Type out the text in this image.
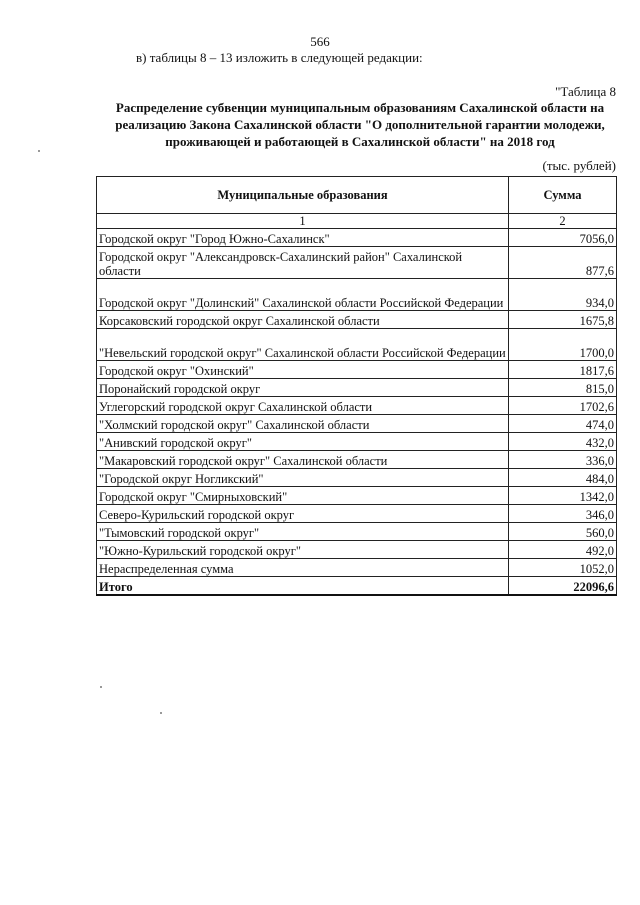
566
в) таблицы 8 – 13 изложить в следующей редакции:
"Таблица 8
Распределение субвенции муниципальным образованиям Сахалинской области на реализацию Закона Сахалинской области "О дополнительной гарантии молодежи, проживающей и работающей в Сахалинской области" на 2018 год
(тыс. рублей)
Муниципальные образования	Сумма
1	2
Городской округ "Город Южно-Сахалинск"	7056,0
Городской округ "Александровск-Сахалинский район" Сахалинской области	877,6
Городской округ "Долинский" Сахалинской области Российской Федерации	934,0
Корсаковский городской округ Сахалинской области	1675,8
"Невельский городской округ" Сахалинской области Российской Федерации	1700,0
Городской округ "Охинский"	1817,6
Поронайский городской округ	815,0
Углегорский городской округ Сахалинской области	1702,6
"Холмский городской округ" Сахалинской области	474,0
"Анивский городской округ"	432,0
"Макаровский городской округ" Сахалинской области	336,0
"Городской округ Ногликский"	484,0
Городской округ "Смирныховский"	1342,0
Северо-Курильский городской округ	346,0
"Тымовский городской округ"	560,0
"Южно-Курильский городской округ"	492,0
Нераспределенная сумма	1052,0
Итого	22096,6
